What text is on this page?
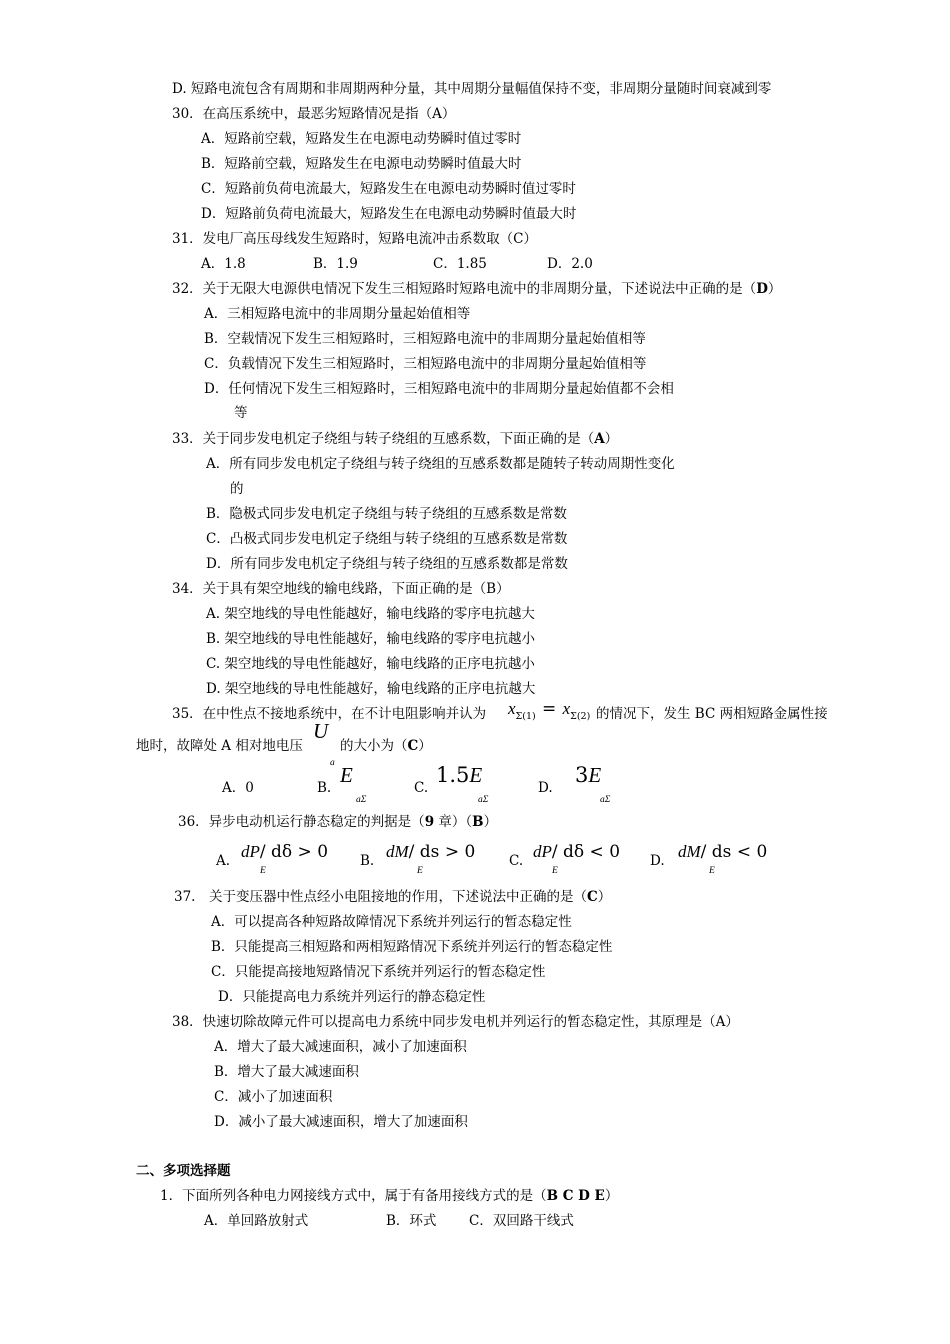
D. 短路电流包含有周期和非周期两种分量，其中周期分量幅值保持不变，非周期分量随时间衰减到零
30．在高压系统中，最恶劣短路情况是指（A）
A．短路前空载，短路发生在电源电动势瞬时值过零时
B．短路前空载，短路发生在电源电动势瞬时值最大时
C．短路前负荷电流最大，短路发生在电源电动势瞬时值过零时
D．短路前负荷电流最大，短路发生在电源电动势瞬时值最大时
31．发电厂高压母线发生短路时，短路电流冲击系数取（C）
A．1.8	B．1.9	C．1.85	D．2.0
32．关于无限大电源供电情况下发生三相短路时短路电流中的非周期分量，下述说法中正确的是（D）
A．三相短路电流中的非周期分量起始值相等
B．空载情况下发生三相短路时，三相短路电流中的非周期分量起始值相等
C．负载情况下发生三相短路时，三相短路电流中的非周期分量起始值相等
D．任何情况下发生三相短路时，三相短路电流中的非周期分量起始值都不会相
等
33．关于同步发电机定子绕组与转子绕组的互感系数，下面正确的是（A）
A．所有同步发电机定子绕组与转子绕组的互感系数都是随转子转动周期性变化
的
B．隐极式同步发电机定子绕组与转子绕组的互感系数是常数
C．凸极式同步发电机定子绕组与转子绕组的互感系数是常数
D．所有同步发电机定子绕组与转子绕组的互感系数都是常数
34．关于具有架空地线的输电线路，下面正确的是（B）
A. 架空地线的导电性能越好，输电线路的零序电抗越大
B. 架空地线的导电性能越好，输电线路的零序电抗越小
C. 架空地线的导电性能越好，输电线路的正序电抗越小
D. 架空地线的导电性能越好，输电线路的正序电抗越大
35．在中性点不接地系统中，在不计电阻影响并认为 $x_{\Sigma(1)} = x_{\Sigma(2)}$ 的情况下，发生 BC 两相短路金属性接
地时，故障处 A 相对地电压
U
a
的大小为（C）
A．0	B.
E
aΣ
C.
1.5E
aΣ
D.
3E
aΣ
36．异步电动机运行静态稳定的判据是（9 章）（B）
A. dP/ dδ > 0
E
B. dM/ ds > 0
E
C. dP/ dδ < 0
E
D. dM/ ds < 0
E
37.　关于变压器中性点经小电阻接地的作用，下述说法中正确的是（C）
A．可以提高各种短路故障情况下系统并列运行的暂态稳定性
B．只能提高三相短路和两相短路情况下系统并列运行的暂态稳定性
C．只能提高接地短路情况下系统并列运行的暂态稳定性
D．只能提高电力系统并列运行的静态稳定性
38．快速切除故障元件可以提高电力系统中同步发电机并列运行的暂态稳定性，其原理是（A）
A．增大了最大减速面积，减小了加速面积
B．增大了最大减速面积
C．减小了加速面积
D．减小了最大减速面积，增大了加速面积
二、多项选择题
1．下面所列各种电力网接线方式中，属于有备用接线方式的是（B C D E）
A．单回路放射式	B．环式 C．双回路干线式
